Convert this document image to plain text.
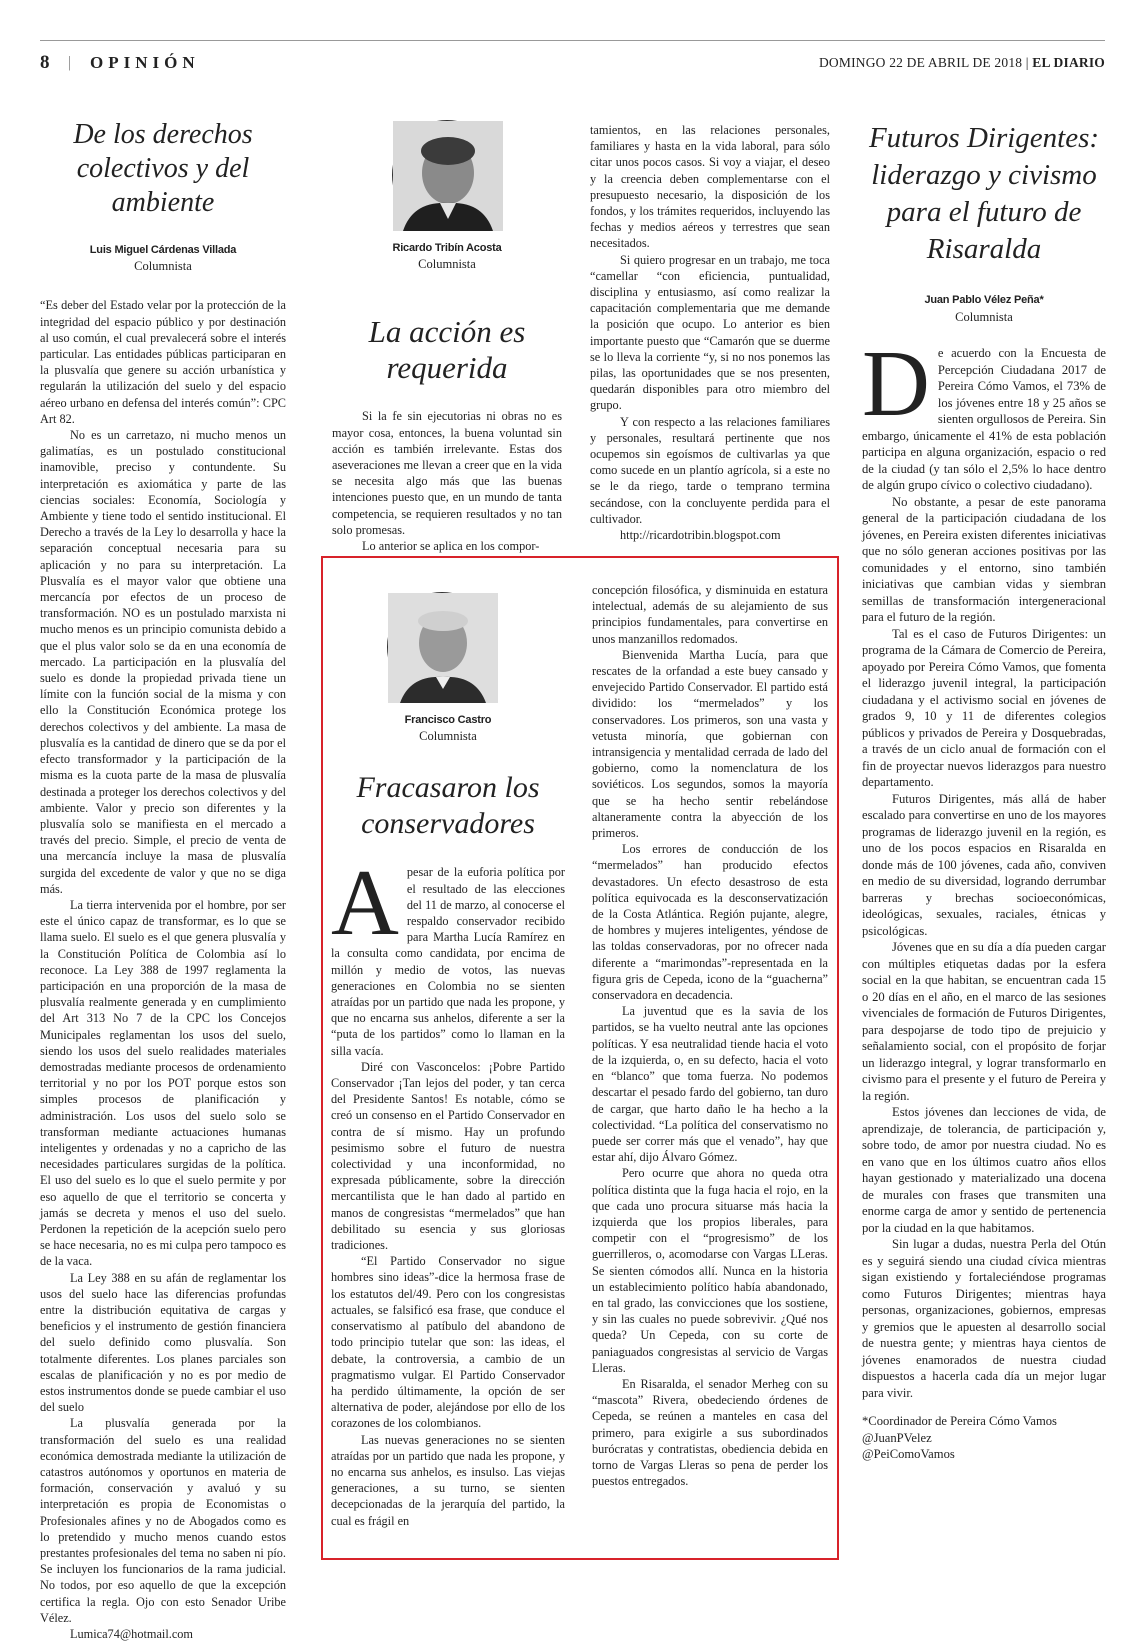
8 | OPINIÓN	DOMINGO 22 DE ABRIL DE 2018 | EL DIARIO
De los derechos colectivos y del ambiente
Luis Miguel Cárdenas Villada
Columnista

“Es deber del Estado velar por la protección de la integridad del espacio público y por destinación al uso común, el cual prevalecerá sobre el interés particular. Las entidades públicas participaran en la plusvalía que genere su acción urbanística y regularán la utilización del suelo y del espacio aéreo urbano en defensa del interés común”: CPC Art 82.

No es un carretazo, ni mucho menos un galimatías, es un postulado constitucional inamovible, preciso y contundente. Su interpretación es axiomática y parte de las ciencias sociales: Economía, Sociología y Ambiente y tiene todo el sentido institucional. El Derecho a través de la Ley lo desarrolla y hace la separación conceptual necesaria para su aplicación y no para su interpretación. La Plusvalía es el mayor valor que obtiene una mercancía por efectos de un proceso de transformación. NO es un postulado marxista ni mucho menos es un principio comunista debido a que el plus valor solo se da en una economía de mercado. La participación en la plusvalía del suelo es donde la propiedad privada tiene un límite con la función social de la misma y con ello la Constitución Económica protege los derechos colectivos y del ambiente. La masa de plusvalía es la cantidad de dinero que se da por el efecto transformador y la participación de la misma es la cuota parte de la masa de plusvalía destinada a proteger los derechos colectivos y del ambiente. Valor y precio son diferentes y la plusvalía solo se manifiesta en el mercado a través del precio. Simple, el precio de venta de una mercancía incluye la masa de plusvalía surgida del excedente de valor y que no se diga más.

La tierra intervenida por el hombre, por ser este el único capaz de transformar, es lo que se llama suelo. El suelo es el que genera plusvalía y la Constitución Política de Colombia así lo reconoce. La Ley 388 de 1997 reglamenta la participación en una proporción de la masa de plusvalía realmente generada y en cumplimiento del Art 313 No 7 de la CPC los Concejos Municipales reglamentan los usos del suelo, siendo los usos del suelo realidades materiales demostradas mediante procesos de ordenamiento territorial y no por los POT porque estos son simples procesos de planificación y administración. Los usos del suelo solo se transforman mediante actuaciones humanas inteligentes y ordenadas y no a capricho de las necesidades particulares surgidas de la política. El uso del suelo es lo que el suelo permite y por eso aquello de que el territorio se concerta y jamás se decreta y menos el uso del suelo. Perdonen la repetición de la acepción suelo pero se hace necesaria, no es mi culpa pero tampoco es de la vaca.

La Ley 388 en su afán de reglamentar los usos del suelo hace las diferencias profundas entre la distribución equitativa de cargas y beneficios y el instrumento de gestión financiera del suelo definido como plusvalía. Son totalmente diferentes. Los planes parciales son escalas de planificación y no es por medio de estos instrumentos donde se puede cambiar el uso del suelo

La plusvalía generada por la transformación del suelo es una realidad económica demostrada mediante la utilización de catastros autónomos y oportunos en materia de formación, conservación y avaluó y su interpretación es propia de Economistas o Profesionales afines y no de Abogados como es lo pretendido y mucho menos cuando estos prestantes profesionales del tema no saben ni pío. Se incluyen los funcionarios de la rama judicial. No todos, por eso aquello de que la excepción certifica la regla. Ojo con esto Senador Uribe Vélez.

Lumica74@hotmail.com

Ricardo Tribín Acosta
Columnista
La acción es requerida

Si la fe sin ejecutorias ni obras no es mayor cosa, entonces, la buena voluntad sin acción es también irrelevante. Estas dos aseveraciones me llevan a creer que en la vida se necesita algo más que las buenas intenciones puesto que, en un mundo de tanta competencia, se requieren resultados y no tan solo promesas.

Lo anterior se aplica en los compor-

tamientos, en las relaciones personales, familiares y hasta en la vida laboral, para sólo citar unos pocos casos. Si voy a viajar, el deseo y la creencia deben complementarse con el presupuesto necesario, la disposición de los fondos, y los trámites requeridos, incluyendo las fechas y medios aéreos y terrestres que sean necesitados.

Si quiero progresar en un trabajo, me toca “camellar “con eficiencia, puntualidad, disciplina y entusiasmo, así como realizar la capacitación complementaria que me demande la posición que ocupo. Lo anterior es bien importante puesto que “Camarón que se duerme se lo lleva la corriente “y, si no nos ponemos las pilas, las oportunidades que se nos presenten, quedarán disponibles para otro miembro del grupo.

Y con respecto a las relaciones familiares y personales, resultará pertinente que nos ocupemos sin egoísmos de cultivarlas ya que como sucede en un plantío agrícola, si a este no se le da riego, tarde o temprano termina secándose, con la concluyente perdida para el cultivador.

http://ricardotribin.blogspot.com

Futuros Dirigentes: liderazgo y civismo para el futuro de Risaralda
Juan Pablo Vélez Peña*
Columnista

De acuerdo con la Encuesta de Percepción Ciudadana 2017 de Pereira Cómo Vamos, el 73% de los jóvenes entre 18 y 25 años se sienten orgullosos de Pereira. Sin embargo, únicamente el 41% de esta población participa en alguna organización, espacio o red de la ciudad (y tan sólo el 2,5% lo hace dentro de algún grupo cívico o colectivo ciudadano).

No obstante, a pesar de este panorama general de la participación ciudadana de los jóvenes, en Pereira existen diferentes iniciativas que no sólo generan acciones positivas por las comunidades y el entorno, sino también iniciativas que cambian vidas y siembran semillas de transformación intergeneracional para el futuro de la región.

Tal es el caso de Futuros Dirigentes: un programa de la Cámara de Comercio de Pereira, apoyado por Pereira Cómo Vamos, que fomenta el liderazgo juvenil integral, la participación ciudadana y el activismo social en jóvenes de grados 9, 10 y 11 de diferentes colegios públicos y privados de Pereira y Dosquebradas, a través de un ciclo anual de formación con el fin de proyectar nuevos liderazgos para nuestro departamento.

Futuros Dirigentes, más allá de haber escalado para convertirse en uno de los mayores programas de liderazgo juvenil en la región, es uno de los pocos espacios en Risaralda en donde más de 100 jóvenes, cada año, conviven en medio de su diversidad, logrando derrumbar barreras y brechas socioeconómicas, ideológicas, sexuales, raciales, étnicas y psicológicas.

Jóvenes que en su día a día pueden cargar con múltiples etiquetas dadas por la esfera social en la que habitan, se encuentran cada 15 o 20 días en el año, en el marco de las sesiones vivenciales de formación de Futuros Dirigentes, para despojarse de todo tipo de prejuicio y señalamiento social, con el propósito de forjar un liderazgo integral, y lograr transformarlo en civismo para el presente y el futuro de Pereira y la región.

Estos jóvenes dan lecciones de vida, de aprendizaje, de tolerancia, de participación y, sobre todo, de amor por nuestra ciudad. No es en vano que en los últimos cuatro años ellos hayan gestionado y materializado una docena de murales con frases que transmiten una enorme carga de amor y sentido de pertenencia por la ciudad en la que habitamos.

Sin lugar a dudas, nuestra Perla del Otún es y seguirá siendo una ciudad cívica mientras sigan existiendo y fortaleciéndose programas como Futuros Dirigentes; mientras haya personas, organizaciones, gobiernos, empresas y gremios que le apuesten al desarrollo social de nuestra gente; y mientras haya cientos de jóvenes enamorados de nuestra ciudad dispuestos a hacerla cada día un mejor lugar para vivir.

*Coordinador de Pereira Cómo Vamos
@JuanPVelez
@PeiComoVamos
Francisco Castro
Columnista
Fracasaron los conservadores

Apesar de la euforia política por el resultado de las elecciones del 11 de marzo, al conocerse el respaldo conservador recibido para Martha Lucía Ramírez en la consulta como candidata, por encima de millón y medio de votos, las nuevas generaciones en Colombia no se sienten atraídas por un partido que nada les propone, y que no encarna sus anhelos, diferente a ser la “puta de los partidos” como lo llaman en la silla vacía.

Diré con Vasconcelos: ¡Pobre Partido Conservador ¡Tan lejos del poder, y tan cerca del Presidente Santos! Es notable, cómo se creó un consenso en el Partido Conservador en contra de sí mismo. Hay un profundo pesimismo sobre el futuro de nuestra colectividad y una inconformidad, no expresada públicamente, sobre la dirección mercantilista que le han dado al partido en manos de congresistas “mermelados” que han debilitado su esencia y sus gloriosas tradiciones.

“El Partido Conservador no sigue hombres sino ideas”-dice la hermosa frase de los estatutos del/49. Pero con los congresistas actuales, se falsificó esa frase, que conduce el conservatismo al patíbulo del abandono de todo principio tutelar que son: las ideas, el debate, la controversia, a cambio de un pragmatismo vulgar. El Partido Conservador ha perdido últimamente, la opción de ser alternativa de poder, alejándose por ello de los corazones de los colombianos.

Las nuevas generaciones no se sienten atraídas por un partido que nada les propone, y no encarna sus anhelos, es insulso. Las viejas generaciones, a su turno, se sienten decepcionadas de la jerarquía del partido, la cual es frágil en

concepción filosófica, y disminuida en estatura intelectual, además de su alejamiento de sus principios fundamentales, para convertirse en unos manzanillos redomados.

Bienvenida Martha Lucía, para que rescates de la orfandad a este buey cansado y envejecido Partido Conservador. El partido está dividido: los “mermelados” y los conservadores. Los primeros, son una vasta y vetusta minoría, que gobiernan con intransigencia y mentalidad cerrada de lado del gobierno, como la nomenclatura de los soviéticos. Los segundos, somos la mayoría que se ha hecho sentir rebelándose altaneramente contra la abyección de los primeros.

Los errores de conducción de los “mermelados” han producido efectos devastadores. Un efecto desastroso de esta política equivocada es la desconservatización de la Costa Atlántica. Región pujante, alegre, de hombres y mujeres inteligentes, yéndose de las toldas conservadoras, por no ofrecer nada diferente a “marimondas”-representada en la figura gris de Cepeda, icono de la “guacherna” conservadora en decadencia.

La juventud que es la savia de los partidos, se ha vuelto neutral ante las opciones políticas. Y esa neutralidad tiende hacia el voto de la izquierda, o, en su defecto, hacia el voto en “blanco” que toma fuerza. No podemos descartar el pesado fardo del gobierno, tan duro de cargar, que harto daño le ha hecho a la colectividad. “La política del conservatismo no puede ser correr más que el venado”, hay que estar ahí, dijo Álvaro Gómez.

Pero ocurre que ahora no queda otra política distinta que la fuga hacia el rojo, en la que cada uno procura situarse más hacia la izquierda que los propios liberales, para competir con el “progresismo” de los guerrilleros, o, acomodarse con Vargas LLeras. Se sienten cómodos allí. Nunca en la historia un establecimiento político había abandonado, en tal grado, las convicciones que los sostiene, y sin las cuales no puede sobrevivir. ¿Qué nos queda? Un Cepeda, con su corte de paniaguados congresistas al servicio de Vargas Lleras.

En Risaralda, el senador Merheg con su “mascota” Rivera, obedeciendo órdenes de Cepeda, se reúnen a manteles en casa del primero, para exigirle a sus subordinados burócratas y contratistas, obediencia debida en torno de Vargas Lleras so pena de perder los puestos entregados.
